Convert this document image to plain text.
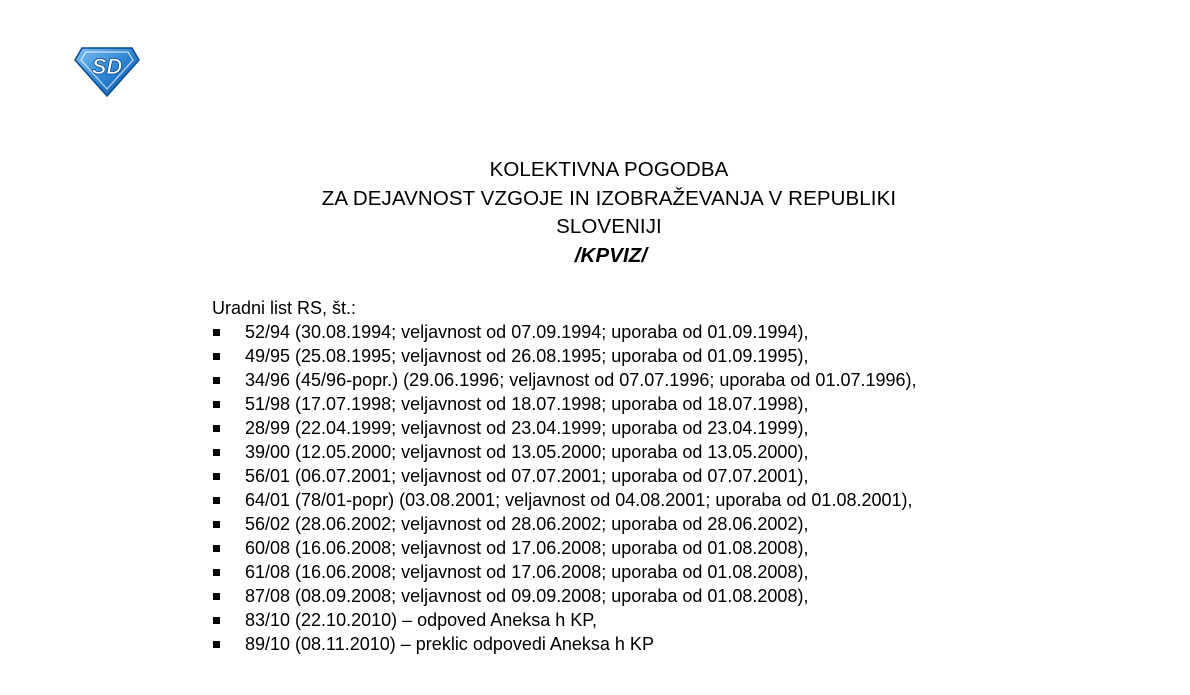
SD
KOLEKTIVNA POGODBA
ZA DEJAVNOST VZGOJE IN IZOBRAŽEVANJA V REPUBLIKI
SLOVENIJI
/KPVIZ/
Uradni list RS, št.:
52/94 (30.08.1994; veljavnost od 07.09.1994; uporaba od 01.09.1994),
49/95 (25.08.1995; veljavnost od 26.08.1995; uporaba od 01.09.1995),
34/96 (45/96-popr.) (29.06.1996; veljavnost od 07.07.1996; uporaba od 01.07.1996),
51/98 (17.07.1998; veljavnost od 18.07.1998; uporaba od 18.07.1998),
28/99 (22.04.1999; veljavnost od 23.04.1999; uporaba od 23.04.1999),
39/00 (12.05.2000; veljavnost od 13.05.2000; uporaba od 13.05.2000),
56/01 (06.07.2001; veljavnost od 07.07.2001; uporaba od 07.07.2001),
64/01 (78/01-popr) (03.08.2001; veljavnost od 04.08.2001; uporaba od 01.08.2001),
56/02 (28.06.2002; veljavnost od 28.06.2002; uporaba od 28.06.2002),
60/08 (16.06.2008; veljavnost od 17.06.2008; uporaba od 01.08.2008),
61/08 (16.06.2008; veljavnost od 17.06.2008; uporaba od 01.08.2008),
87/08 (08.09.2008; veljavnost od 09.09.2008; uporaba od 01.08.2008),
83/10 (22.10.2010) – odpoved Aneksa h KP,
89/10 (08.11.2010) – preklic odpovedi Aneksa h KP
